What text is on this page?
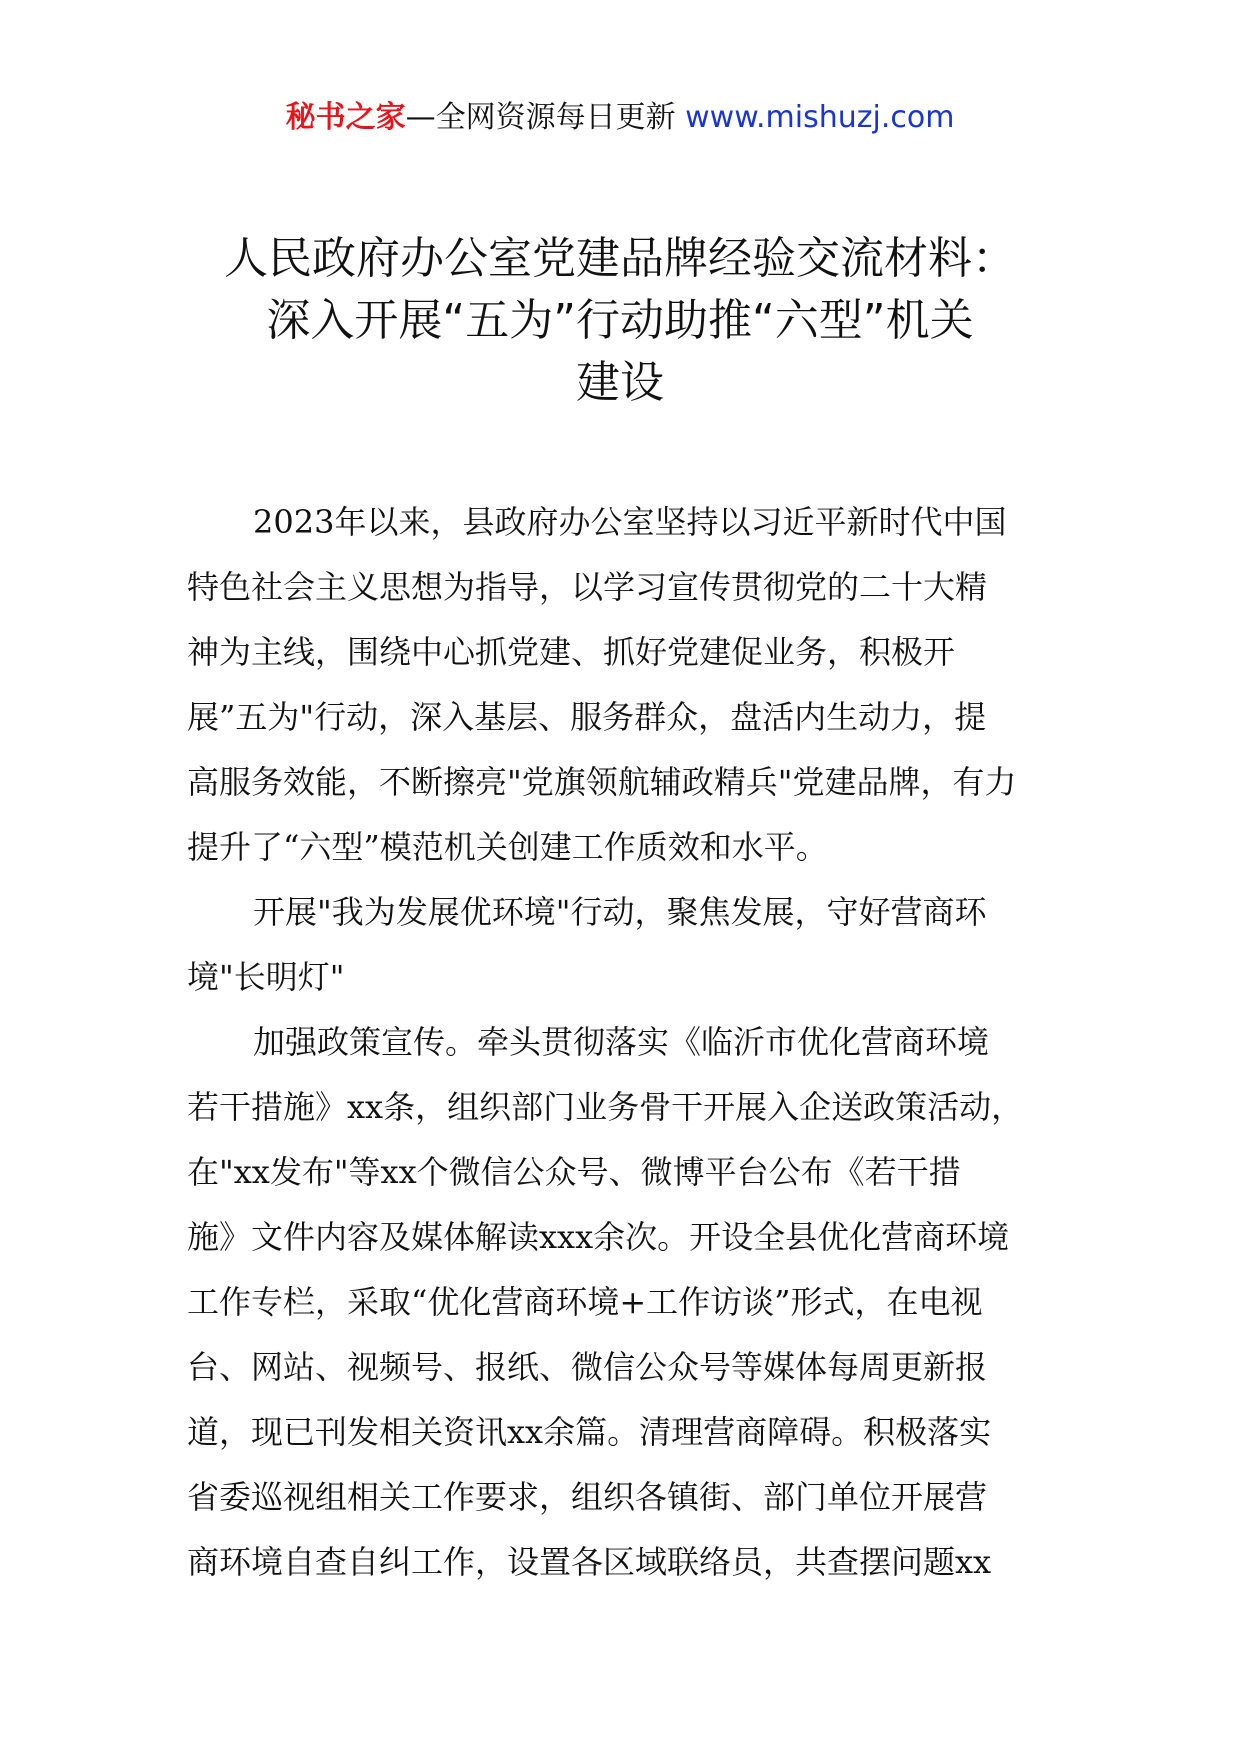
秘书之家—全网资源每日更新 www.mishuzj.com
人民政府办公室党建品牌经验交流材料：
深入开展“五为”行动助推“六型”机关
建设
2023年以来，县政府办公室坚持以习近平新时代中国
特色社会主义思想为指导，以学习宣传贯彻党的二十大精
神为主线，围绕中心抓党建、抓好党建促业务，积极开
展”五为"行动，深入基层、服务群众，盘活内生动力，提
高服务效能，不断擦亮"党旗领航辅政精兵"党建品牌，有力
提升了“六型”模范机关创建工作质效和水平。
开展"我为发展优环境"行动，聚焦发展，守好营商环
境"长明灯"
加强政策宣传。牵头贯彻落实《临沂市优化营商环境
若干措施》xx条，组织部门业务骨干开展入企送政策活动，
在"xx发布"等xx个微信公众号、微博平台公布《若干措
施》文件内容及媒体解读xxx余次。开设全县优化营商环境
工作专栏，采取“优化营商环境+工作访谈”形式，在电视
台、网站、视频号、报纸、微信公众号等媒体每周更新报
道，现已刊发相关资讯xx余篇。清理营商障碍。积极落实
省委巡视组相关工作要求，组织各镇街、部门单位开展营
商环境自查自纠工作，设置各区域联络员，共查摆问题xx
